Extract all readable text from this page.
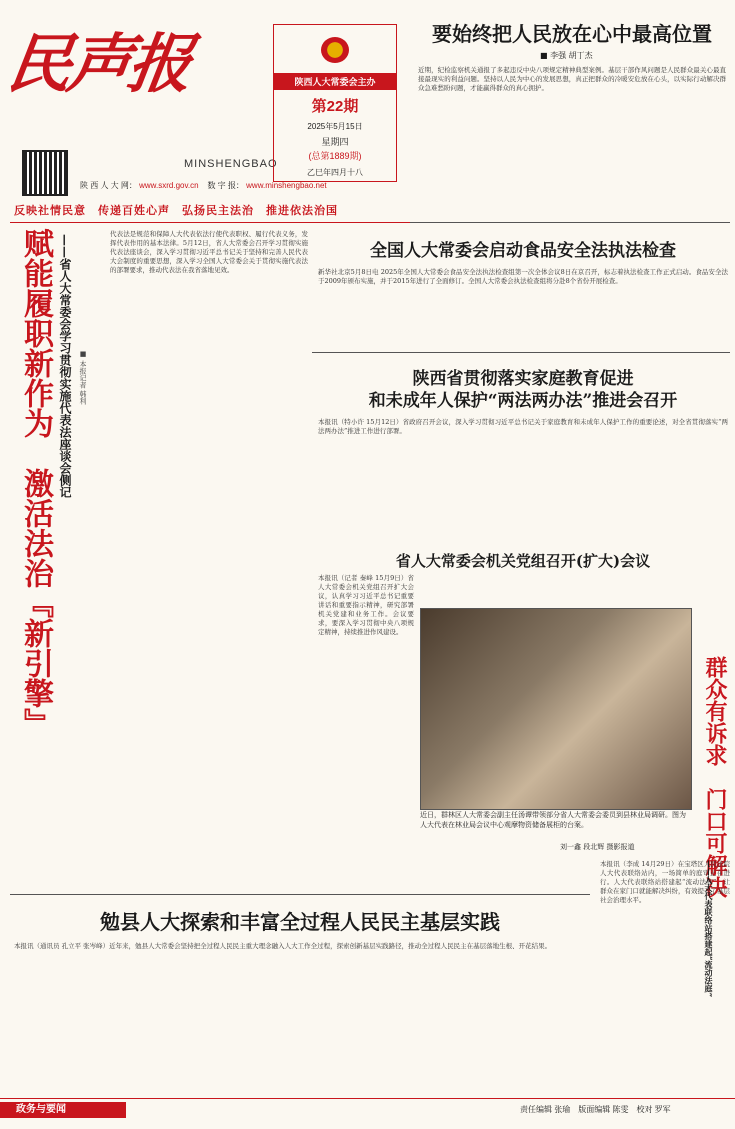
民声报
MINSHENGBAO
陕西人大常委会主办
第22期
2025年5月15日
星期四
(总第1889期)
乙巳年四月十八
陕 西 人 大 网： www.sxrd.gov.cn 数 字 报： www.minshengbao.net
反映社情民意　传递百姓心声　弘扬民主法治　推进依法治国
要始终把人民放在心中最高位置
■ 李强 胡丁杰
近期，纪检监察机关通报了多起违反中央八项规定精神典型案例。基层干部作风问题是人民群众最关心最直接最现实的利益问题。坚持以人民为中心的发展思想，真正把群众的冷暖安危放在心头，以实际行动解决群众急难愁盼问题，才能赢得群众的真心拥护。
赋能履职新作为　激活法治『新引擎』 ——省人大常委会学习贯彻实施代表法座谈会侧记 ■ 本报记者 韩利
代表法是规范和保障人大代表依法行使代表职权、履行代表义务，发挥代表作用的基本法律。5月12日，省人大常委会召开学习贯彻实施代表法座谈会，深入学习贯彻习近平总书记关于坚持和完善人民代表大会制度的重要思想，深入学习全国人大常委会关于贯彻实施代表法的部署要求，推动代表法在我省落地见效。
全国人大常委会启动食品安全法执法检查
新华社北京5月8日电 2025年全国人大常委会食品安全法执法检查组第一次全体会议8日在京召开，标志着执法检查工作正式启动。食品安全法于2009年颁布实施，并于2015年进行了全面修订。全国人大常委会执法检查组将分赴8个省份开展检查。
陕西省贯彻落实家庭教育促进
和未成年人保护“两法两办法”推进会召开
本报讯（特小许 15月12日）省政府召开会议，深入学习贯彻习近平总书记关于家庭教育和未成年人保护工作的重要论述，对全省贯彻落实“两法两办法”推进工作进行部署。
省人大常委会机关党组召开(扩大)会议
本报讯（记者 秦峰 15月9日）省人大常委会机关党组召开扩大会议，认真学习习近平总书记重要讲话和重要指示精神，研究部署机关党建和业务工作。会议要求，要深入学习贯彻中央八项规定精神，持续推进作风建设。
近日，群林区人大常委会副主任汤谭带领部分省人大常委会委员到县林业局调研。图为人大代表在林业局会议中心观摩物资储备展柜的台案。
刘一鑫 段北辉 摄影报道	群众有诉求　门口可解决
本报讯（李成 14月29日）在宝塔区人民法院人大代表联络站内，一场简单的庭审正在进行。人大代表联络站搭建起“流动法庭”，让群众在家门口就能解决纠纷，有效提升了基层社会治理水平。	——人大代表联络站搭建起“流动法庭”
勉县人大探索和丰富全过程人民民主基层实践
本报讯（通讯员 孔立平 张岑峰）近年来，勉县人大常委会坚持把全过程人民民主重大理念融入人大工作全过程，探索创新基层实践路径，推动全过程人民民主在基层落地生根、开花结果。
政务与要闻	责任编辑 张瑜　版面编辑 陈雯　校对 罗军
